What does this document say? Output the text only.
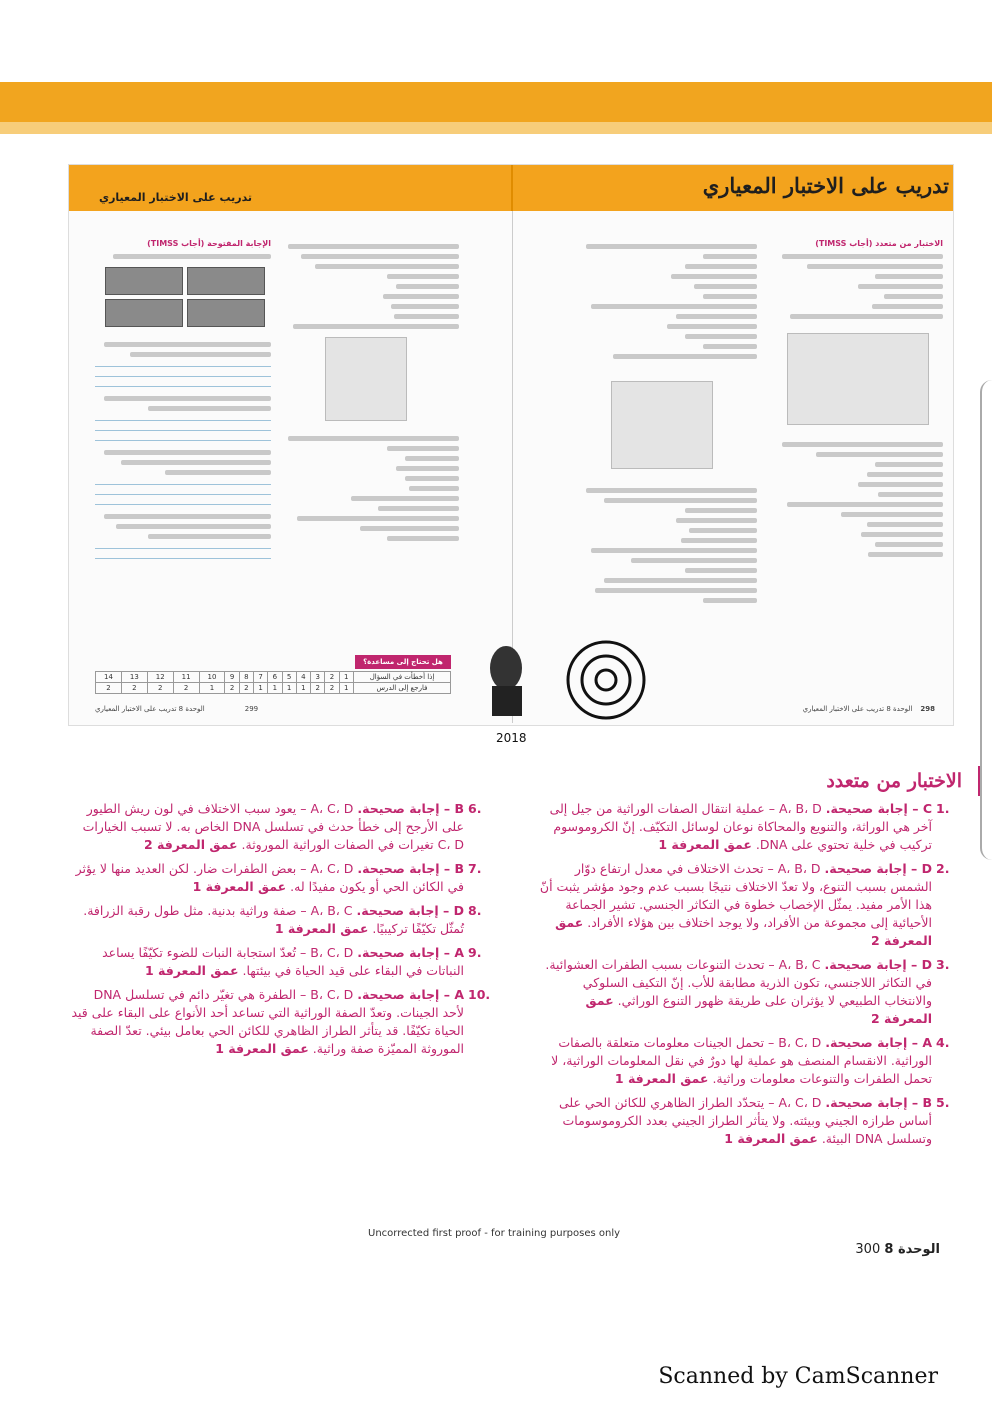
تدريب على الاختبار المعياري
تدريب على الاختبار المعياري
الاختبار من متعدد (أجاب TIMSS)
298الوحدة 8 تدريب على الاختبار المعياري
الإجابة المفتوحة (أجاب TIMSS)
هل تحتاج إلى مساعدة؟
14	13	12	11	10	9	8	7	6	5	4	3	2	1	إذا أخطأت في السؤال
2	2	2	2	1	2	2	1	1	1	1	2	2	1	فارجع إلى الدرس
299الوحدة 8 تدريب على الاختبار المعياري
2018
الاختبار من متعدد
.1
C – إجابة صحيحة. A، B، D – عملية انتقال الصفات الوراثية من جيل إلى آخر هي الوراثة، والتنويع والمحاكاة نوعان لوسائل التكيّف. إنّ الكروموسوم تركيب في خلية تحتوي على DNA. عمق المعرفة 1
.2
D – إجابة صحيحة. A، B، D – تحدث الاختلاف في معدل ارتفاع دوّار الشمس بسبب التنوع، ولا تعدّ الاختلاف نتيجًا بسبب عدم وجود مؤشر يثبت أنّ هذا الأمر مفيد. يمثّل الإخصاب خطوة في التكاثر الجنسي. تشير الجماعة الأحيائية إلى مجموعة من الأفراد، ولا يوجد اختلاف بين هؤلاء الأفراد. عمق المعرفة 2
.3
D – إجابة صحيحة. A، B، C – تحدث التنوعات بسبب الطفرات العشوائية. في التكاثر اللاجنسي، تكون الذرية مطابقة للأب. إنّ التكيف السلوكي والانتخاب الطبيعي لا يؤثران على طريقة ظهور التنوع الوراثي. عمق المعرفة 2
.4
A – إجابة صحيحة. B، C، D – تحمل الجينات معلومات متعلقة بالصفات الوراثية. الانقسام المنصف هو عملية لها دورٌ في نقل المعلومات الوراثية، لا تحمل الطفرات والتنوعات معلومات وراثية. عمق المعرفة 1
.5
B – إجابة صحيحة. A، C، D – يتحدّد الطراز الظاهري للكائن الحي على أساس طرازه الجيني وبيئته. ولا يتأثر الطراز الجيني بعدد الكروموسومات وتسلسل DNA البيئة. عمق المعرفة 1
.6
B – إجابة صحيحة. A، C، D – يعود سبب الاختلاف في لون ريش الطيور على الأرجح إلى خطأ حدث في تسلسل DNA الخاص به. لا تسبب الخيارات C، D تغيرات في الصفات الوراثية الموروثة. عمق المعرفة 2
.7
B – إجابة صحيحة. A، C، D – بعض الطفرات ضار. لكن العديد منها لا يؤثر في الكائن الحي أو يكون مفيدًا له. عمق المعرفة 1
.8
D – إجابة صحيحة. A، B، C – صفة وراثية بدنية. مثل طول رقبة الزرافة. تُمثّل تكيّفًا تركيبيًا. عمق المعرفة 1
.9
A – إجابة صحيحة. B، C، D – تُعدّ استجابة النبات للضوء تكيّفًا يساعد النباتات في البقاء على قيد الحياة في بيئتها. عمق المعرفة 1
.10
A – إجابة صحيحة. B، C، D – الطفرة هي تغيّر دائم في تسلسل DNA لأحد الجينات. وتعدّ الصفة الوراثية التي تساعد أحد الأنواع على البقاء على قيد الحياة تكيّفًا. قد يتأثر الطراز الظاهري للكائن الحي بعامل بيئي. تعدّ الصفة الموروثة المميّزة صفة وراثية. عمق المعرفة 1
Uncorrected first proof - for training purposes only
الوحدة 8 300
Scanned by CamScanner
